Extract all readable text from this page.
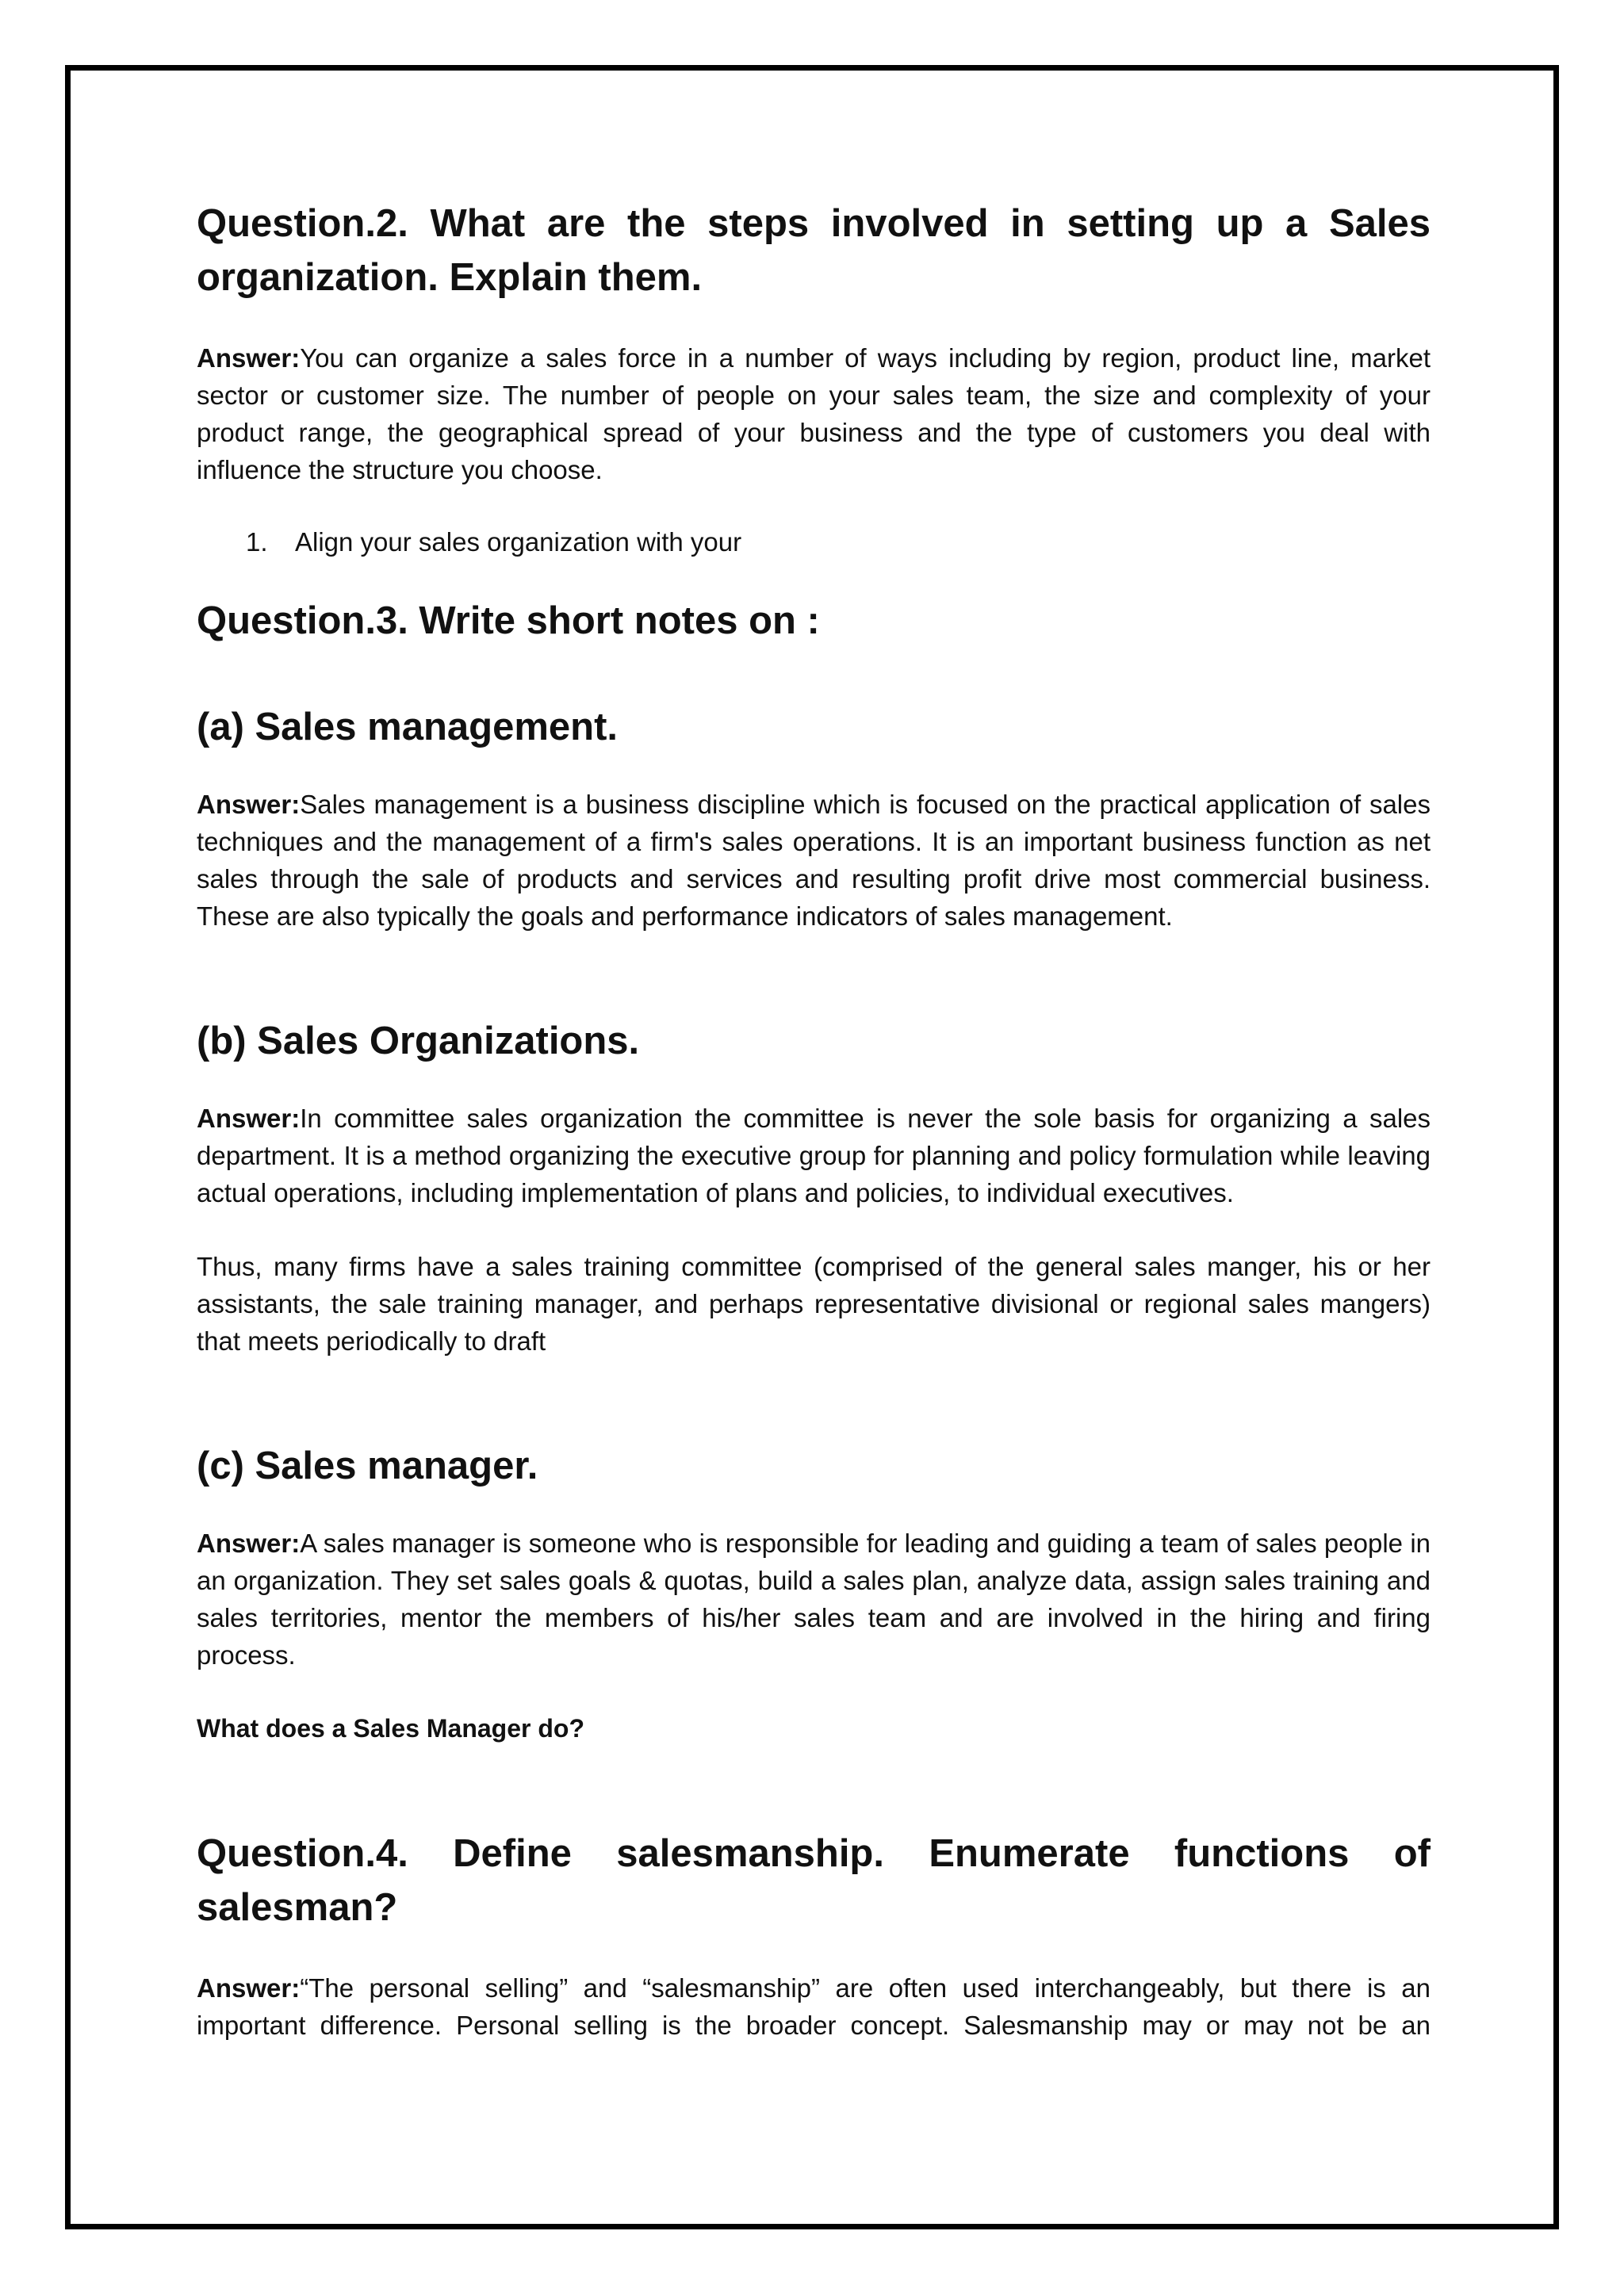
Question.2. What are the steps involved in setting up a Sales

organization. Explain them.

Answer:You can organize a sales force in a number of ways including by region, product line, market sector or customer size. The number of people on your sales team, the size and complexity of your product range, the geographical spread of your business and the type of customers you deal with influence the structure you choose.

1.	Align your sales organization with your

Question.3. Write short notes on :

(a) Sales management.

Answer:Sales management is a business discipline which is focused on the practical application of sales techniques and the management of a firm's sales operations. It is an important business function as net sales through the sale of products and services and resulting profit drive most commercial business. These are also typically the goals and performance indicators of sales management.

(b) Sales Organizations.

Answer:In committee sales organization the committee is never the sole basis for organizing a sales department. It is a method organizing the executive group for planning and policy formulation while leaving actual operations, including implementation of plans and policies, to individual executives.

Thus, many firms have a sales training committee (comprised of the general sales manger, his or her assistants, the sale training manager, and perhaps representative divisional or regional sales mangers) that meets periodically to draft

(c) Sales manager.

Answer:A sales manager is someone who is responsible for leading and guiding a team of sales people in an organization. They set sales goals & quotas, build a sales plan, analyze data, assign sales training and sales territories, mentor the members of his/her sales team and are involved in the hiring and firing process.

What does a Sales Manager do?

Question.4. Define salesmanship. Enumerate functions of

salesman?

Answer:“The personal selling” and “salesmanship” are often used interchangeably, but there is an important difference. Personal selling is the broader concept. Salesmanship may or may not be an
